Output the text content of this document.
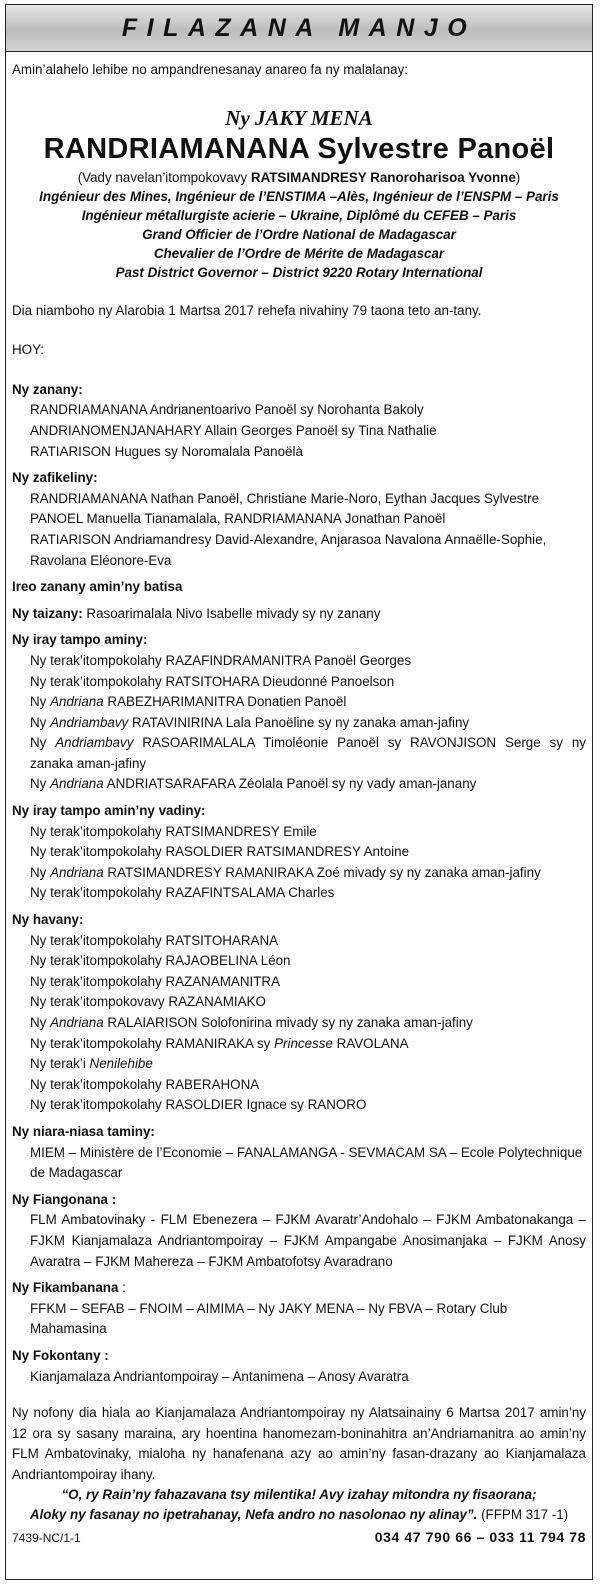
FILAZANA MANJO

Amin’alahelo lehibe no ampandrenesanay anareo fa ny malalanay:

Ny JAKY MENA
RANDRIAMANANA Sylvestre Panoël
(Vady navelan’itompokovavy RATSIMANDRESY Ranoroharisoa Yvonne)
Ingénieur des Mines, Ingénieur de l’ENSTIMA –Alès, Ingénieur de l’ENSPM – Paris
Ingénieur métallurgiste acierie – Ukraine, Diplômé du CEFEB – Paris
Grand Officier de l’Ordre National de Madagascar
Chevalier de l’Ordre de Mérite de Madagascar
Past District Governor – District 9220 Rotary International

Dia niamboho ny Alarobia 1 Martsa 2017 rehefa nivahiny 79 taona teto an-tany.

HOY:

Ny zanany:
RANDRIAMANANA Andrianentoarivo Panoël sy Norohanta Bakoly
ANDRIANOMENJANAHARY Allain Georges Panoël sy Tina Nathalie
RATIARISON Hugues sy Noromalala Panoëlà
Ny zafikeliny:
RANDRIAMANANA Nathan Panoël, Christiane Marie-Noro, Eythan Jacques Sylvestre
PANOEL Manuella Tianamalala, RANDRIAMANANA Jonathan Panoël
RATIARISON Andriamandresy David-Alexandre, Anjarasoa Navalona Annaëlle-Sophie,
Ravolana Eléonore-Eva
Ireo zanany amin’ny batisa
Ny taizany: Rasoarimalala Nivo Isabelle mivady sy ny zanany
Ny iray tampo aminy:
Ny terak’itompokolahy RAZAFINDRAMANITRA Panoël Georges
Ny terak’itompokolahy RATSITOHARA Dieudonné Panoelson
Ny Andriana RABEZHARIMANITRA Donatien Panoël
Ny Andriambavy RATAVINIRINA Lala Panoëline sy ny zanaka aman-jafiny
Ny Andriambavy RASOARIMALALA Timoléonie Panoël sy RAVONJISON Serge sy ny zanaka aman-jafiny
Ny Andriana ANDRIATSARAFARA Zéolala Panoël sy ny vady aman-janany
Ny iray tampo amin’ny vadiny:
Ny terak’itompokolahy RATSIMANDRESY Emile
Ny terak’itompokolahy RASOLDIER RATSIMANDRESY Antoine
Ny Andriana RATSIMANDRESY RAMANIRAKA Zoé mivady sy ny zanaka aman-jafiny
Ny terak’itompokolahy RAZAFINTSALAMA Charles
Ny havany:
Ny terak’itompokolahy RATSITOHARANA
Ny terak’itompokolahy RAJAOBELINA Léon
Ny terak’itompokolahy RAZANAMANITRA
Ny terak’itompokovavy RAZANAMIAKO
Ny Andriana RALAIARISON Solofonirina mivady sy ny zanaka aman-jafiny
Ny terak’itompokolahy RAMANIRAKA sy Princesse RAVOLANA
Ny terak’i Nenilehibe
Ny terak’itompokolahy RABERAHONA
Ny terak’itompokolahy RASOLDIER Ignace sy RANORO
Ny niara-niasa taminy:
MIEM – Ministère de l’Economie – FANALAMANGA - SEVMACAM SA – Ecole Polytechnique de Madagascar
Ny Fiangonana :
FLM Ambatovinaky - FLM Ebenezera – FJKM Avaratr’Andohalo – FJKM Ambatonakanga – FJKM Kianjamalaza Andriantompoiray – FJKM Ampangabe Anosimanjaka – FJKM Anosy Avaratra – FJKM Mahereza – FJKM Ambatofotsy Avaradrano
Ny Fikambanana :
FFKM – SEFAB – FNOIM – AIMIMA – Ny JAKY MENA – Ny FBVA – Rotary Club Mahamasina
Ny Fokontany :
Kianjamalaza Andriantompoiray – Antanimena – Anosy Avaratra

Ny nofony dia hiala ao Kianjamalaza Andriantompoiray ny Alatsainainy 6 Martsa 2017 amin’ny 12 ora sy sasany maraina, ary hoentina hanomezam-boninahitra an’Andriamanitra ao amin’ny FLM Ambatovinaky, mialoha ny hanafenana azy ao amin’ny fasan-drazany ao Kianjamalaza Andriantompoiray ihany.

“O, ry Rain’ny fahazavana tsy milentika! Avy izahay mitondra ny fisaorana;
Aloky ny fasanay no ipetrahanay, Nefa andro no nasolonao ny alinay”. (FFPM 317 -1)
7439-NC/1-1	034 47 790 66 – 033 11 794 78
